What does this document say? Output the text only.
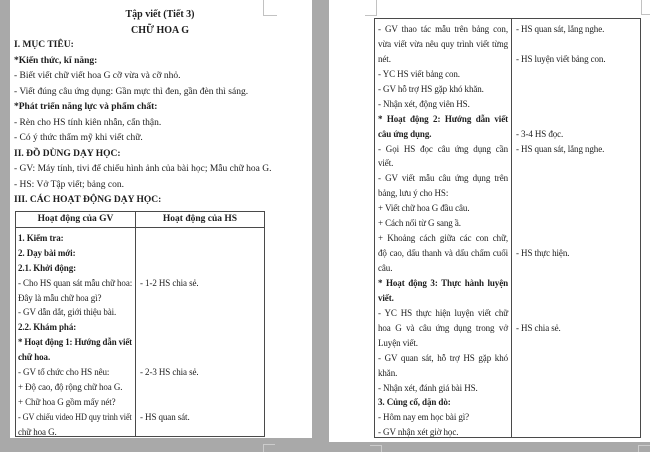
Tập viết (Tiết 3)
CHỮ HOA G
I. MỤC TIÊU:
*Kiến thức, kĩ năng:
- Biết viết chữ viết hoa G cỡ vừa và cỡ nhỏ.
- Viết đúng câu ứng dụng: Gần mực thì đen, gần đèn thì sáng.
*Phát triển năng lực và phẩm chất:
- Rèn cho HS tính kiên nhẫn, cẩn thận.
- Có ý thức thẩm mỹ khi viết chữ.
II. ĐỒ DÙNG DẠY HỌC:
- GV: Máy tính, tivi để chiếu hình ảnh của bài học; Mẫu chữ hoa G.
- HS: Vở Tập viết; bảng con.
III. CÁC HOẠT ĐỘNG DẠY HỌC:
Hoạt động của GV	Hoạt động của HS
1. Kiểm tra:
2. Dạy bài mới:
2.1. Khởi động:
- Cho HS quan sát mẫu chữ hoa:
Đây là mẫu chữ hoa gì?
- GV dẫn dắt, giới thiệu bài.
2.2. Khám phá:
* Hoạt động 1: Hướng dẫn viết
chữ hoa.
- GV tổ chức cho HS nêu:
+ Độ cao, độ rộng chữ hoa G.
+ Chữ hoa G gồm mấy nét?
- GV chiếu video HD quy trình viết
chữ hoa G.
- 1-2 HS chia sẻ.
- 2-3 HS chia sẻ.
- HS quan sát.
- GV thao tác mẫu trên bảng con,
vừa viết vừa nêu quy trình viết từng
nét.
- YC HS viết bảng con.
- GV hỗ trợ HS gặp khó khăn.
- Nhận xét, động viên HS.
* Hoạt động 2: Hướng dẫn viết
câu ứng dụng.
- Gọi HS đọc câu ứng dụng cần
viết.
- GV viết mẫu câu ứng dụng trên
bảng, lưu ý cho HS:
+ Viết chữ hoa G đầu câu.
+ Cách nối từ G sang ầ.
+ Khoảng cách giữa các con chữ,
độ cao, dấu thanh và dấu chấm cuối
câu.
* Hoạt động 3: Thực hành luyện
viết.
- YC HS thực hiện luyện viết chữ
hoa G và câu ứng dụng trong vở
Luyện viết.
- GV quan sát, hỗ trợ HS gặp khó
khăn.
- Nhận xét, đánh giá bài HS.
3. Củng cố, dặn dò:
- Hôm nay em học bài gì?
- GV nhận xét giờ học.
- HS quan sát, lắng nghe.
- HS luyện viết bảng con.
- 3-4 HS đọc.
- HS quan sát, lắng nghe.
- HS thực hiện.
- HS chia sẻ.
